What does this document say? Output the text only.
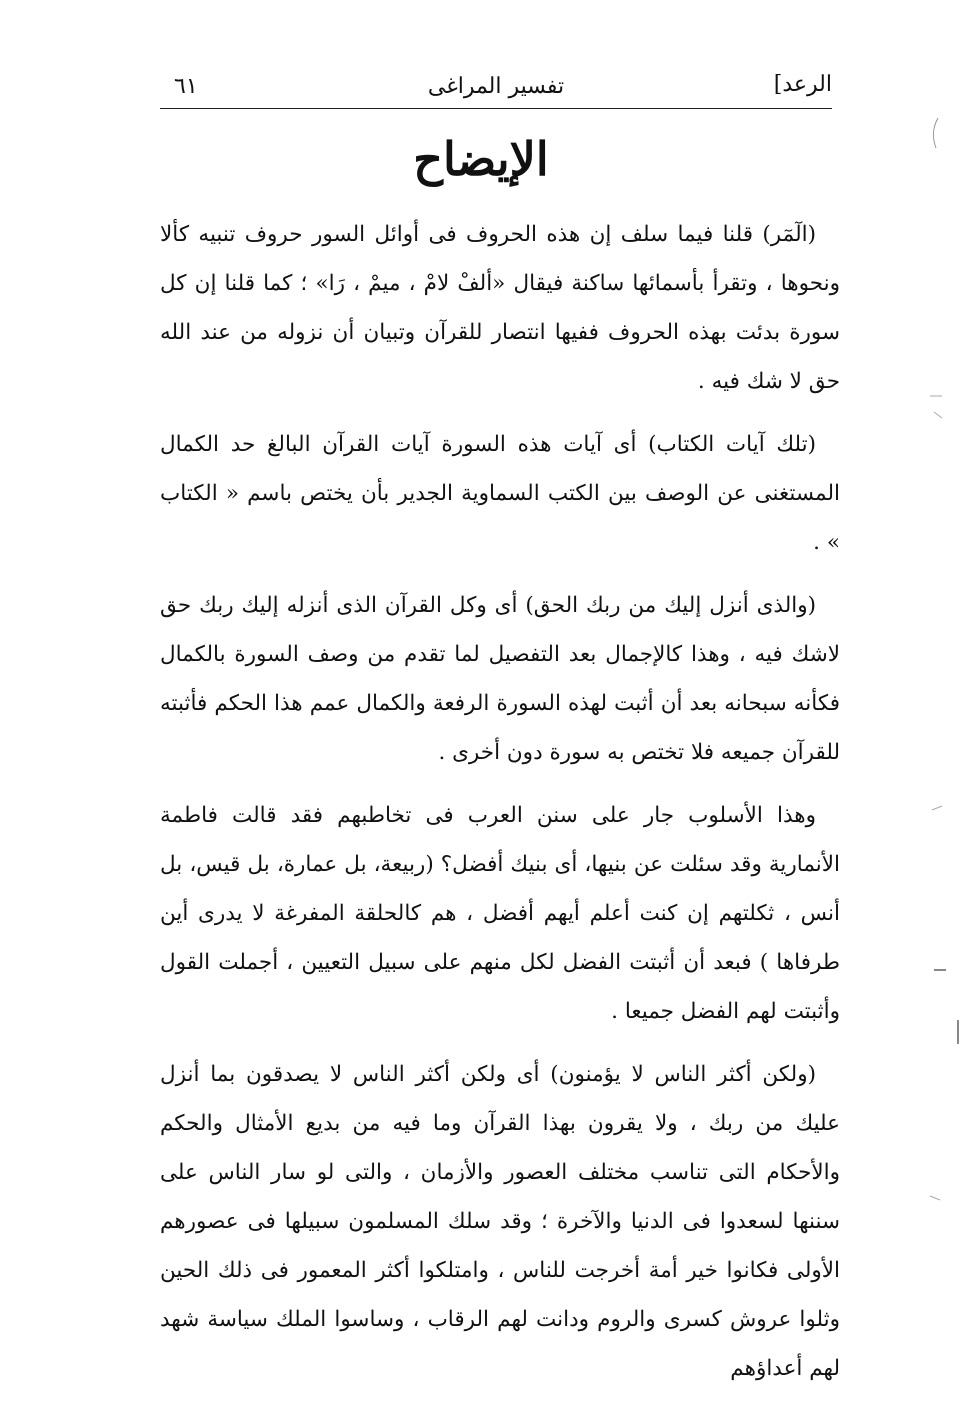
الرعد]
تفسير المراغى
٦١
الإيضاح

(الٓمٓر) قلنا فيما سلف إن هذه الحروف فى أوائل السور حروف تنبيه كألا ونحوها ، وتقرأ بأسمائها ساكنة فيقال «ألفْ لامْ ، ميمْ ، رَا» ؛ كما قلنا إن كل سورة بدئت بهذه الحروف ففيها انتصار للقرآن وتبيان أن نزوله من عند الله حق لا شك فيه .

(تلك آيات الكتاب) أى آيات هذه السورة آيات القرآن البالغ حد الكمال المستغنى عن الوصف بين الكتب السماوية الجدير بأن يختص باسم « الكتاب » .

(والذى أنزل إليك من ربك الحق) أى وكل القرآن الذى أنزله إليك ربك حق لاشك فيه ، وهذا كالإجمال بعد التفصيل لما تقدم من وصف السورة بالكمال فكأنه سبحانه بعد أن أثبت لهذه السورة الرفعة والكمال عمم هذا الحكم فأثبته للقرآن جميعه فلا تختص به سورة دون أخرى .

وهذا الأسلوب جار على سنن العرب فى تخاطبهم فقد قالت فاطمة الأنمارية وقد سئلت عن بنيها، أى بنيك أفضل؟ (ربيعة، بل عمارة، بل قيس، بل أنس ، ثكلتهم إن كنت أعلم أيهم أفضل ، هم كالحلقة المفرغة لا يدرى أين طرفاها ) فبعد أن أثبتت الفضل لكل منهم على سبيل التعيين ، أجملت القول وأثبتت لهم الفضل جميعا .

(ولكن أكثر الناس لا يؤمنون) أى ولكن أكثر الناس لا يصدقون بما أنزل عليك من ربك ، ولا يقرون بهذا القرآن وما فيه من بديع الأمثال والحكم والأحكام التى تناسب مختلف العصور والأزمان ، والتى لو سار الناس على سننها لسعدوا فى الدنيا والآخرة ؛ وقد سلك المسلمون سبيلها فى عصورهم الأولى فكانوا خير أمة أخرجت للناس ، وامتلكوا أكثر المعمور فى ذلك الحين وثلوا عروش كسرى والروم ودانت لهم الرقاب ، وساسوا الملك سياسة شهد لهم أعداؤهم
